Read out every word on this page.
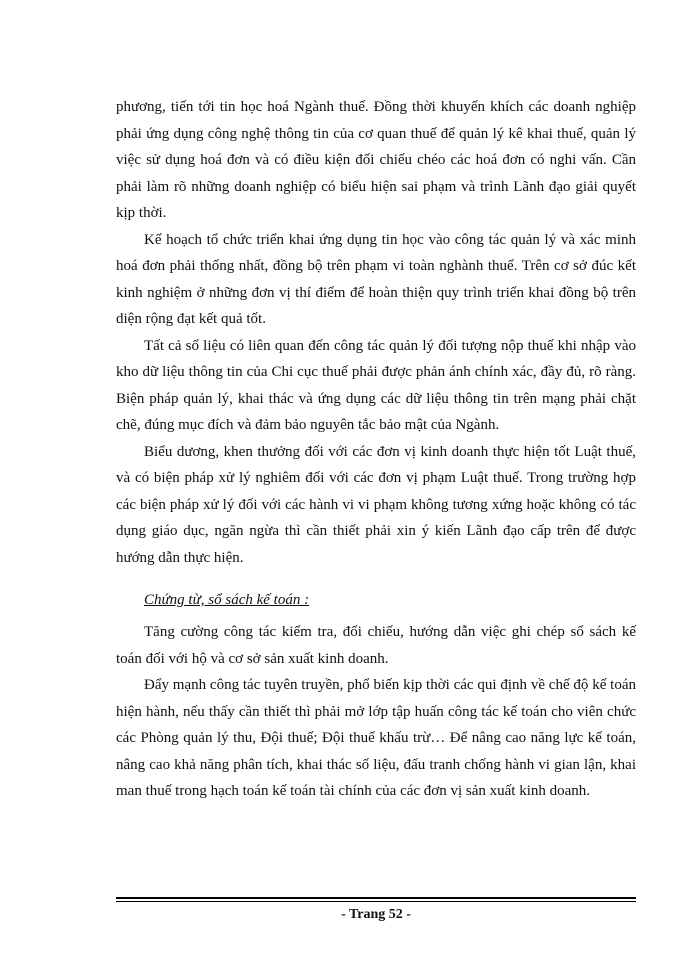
phương, tiến tới tin học hoá Ngành thuế. Đồng thời khuyến khích các doanh nghiệp phải ứng dụng công nghệ thông tin của cơ quan thuế để quản lý kê khai thuế, quản lý việc sử dụng hoá đơn và có điều kiện đối chiếu chéo các hoá đơn có nghi vấn. Cần phải làm rõ những doanh nghiệp có biểu hiện sai phạm và trình Lãnh đạo giải quyết kịp thời.

Kế hoạch tổ chức triển khai ứng dụng tin học vào công tác quản lý và xác minh hoá đơn phải thống nhất, đồng bộ trên phạm vi toàn nghành thuế. Trên cơ sở đúc kết kinh nghiệm ở những đơn vị thí điểm để hoàn thiện quy trình triển khai đồng bộ trên diện rộng đạt kết quả tốt.

Tất cả số liệu có liên quan đến công tác quản lý đối tượng nộp thuế khi nhập vào kho dữ liệu thông tin của Chi cục thuế phải được phản ánh chính xác, đầy đủ, rõ ràng. Biện pháp quản lý, khai thác và ứng dụng các dữ liệu thông tin trên mạng phải chặt chẽ, đúng mục đích và đảm bảo nguyên tắc bảo mật của Ngành.

Biểu dương, khen thưởng đối với các đơn vị kinh doanh thực hiện tốt Luật thuế, và có biện pháp xử lý nghiêm đối với các đơn vị phạm Luật thuế. Trong trường hợp các biện pháp xử lý đối với các hành vi vi phạm không tương xứng hoặc không có tác dụng giáo dục, ngăn ngừa thì cần thiết phải xin ý kiến Lãnh đạo cấp trên để được hướng dẫn thực hiện.

Chứng từ, sổ sách kế toán :

Tăng cường công tác kiểm tra, đối chiếu, hướng dẫn việc ghi chép sổ sách kế toán đối với hộ và cơ sở sản xuất kinh doanh.

Đẩy mạnh công tác tuyên truyền, phổ biến kịp thời các qui định về chế độ kế toán hiện hành, nếu thấy cần thiết thì phải mở lớp tập huấn công tác kế toán cho viên chức các Phòng quản lý thu, Đội thuế; Đội thuế khấu trừ… Để nâng cao năng lực kế toán, nâng cao khả năng phân tích, khai thác số liệu, đấu tranh chống hành vi gian lận, khai man thuế trong hạch toán kế toán tài chính của các đơn vị sản xuất kinh doanh.

- Trang 52 -
